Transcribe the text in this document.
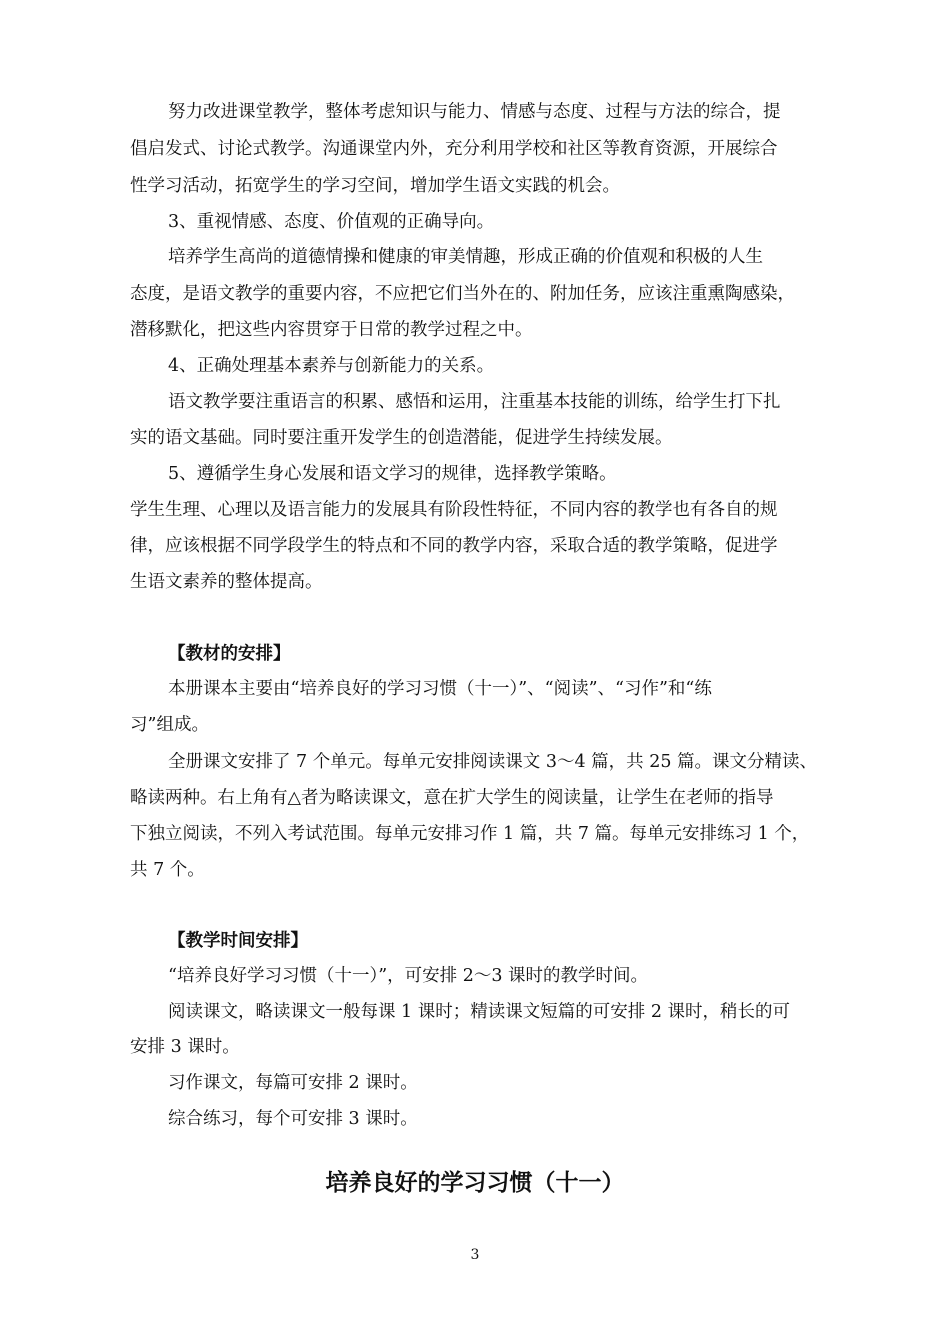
努力改进课堂教学，整体考虑知识与能力、情感与态度、过程与方法的综合，提
倡启发式、讨论式教学。沟通课堂内外，充分利用学校和社区等教育资源，开展综合
性学习活动，拓宽学生的学习空间，增加学生语文实践的机会。
3、重视情感、态度、价值观的正确导向。
培养学生高尚的道德情操和健康的审美情趣，形成正确的价值观和积极的人生
态度，是语文教学的重要内容，不应把它们当外在的、附加任务，应该注重熏陶感染，
潜移默化，把这些内容贯穿于日常的教学过程之中。
4、正确处理基本素养与创新能力的关系。
语文教学要注重语言的积累、感悟和运用，注重基本技能的训练，给学生打下扎
实的语文基础。同时要注重开发学生的创造潜能，促进学生持续发展。
5、遵循学生身心发展和语文学习的规律，选择教学策略。
学生生理、心理以及语言能力的发展具有阶段性特征，不同内容的教学也有各自的规
律，应该根据不同学段学生的特点和不同的教学内容，采取合适的教学策略，促进学
生语文素养的整体提高。
【教材的安排】
本册课本主要由“培养良好的学习习惯（十一）”、“阅读”、“习作”和“练
习”组成。
全册课文安排了 7 个单元。每单元安排阅读课文 3～4 篇，共 25 篇。课文分精读、
略读两种。右上角有△者为略读课文，意在扩大学生的阅读量，让学生在老师的指导
下独立阅读，不列入考试范围。每单元安排习作 1 篇，共 7 篇。每单元安排练习 1 个，
共 7 个。
【教学时间安排】
“培养良好学习习惯（十一）”，可安排 2～3 课时的教学时间。
阅读课文，略读课文一般每课 1 课时；精读课文短篇的可安排 2 课时，稍长的可
安排 3 课时。
习作课文，每篇可安排 2 课时。
综合练习，每个可安排 3 课时。
培养良好的学习习惯（十一）
3
